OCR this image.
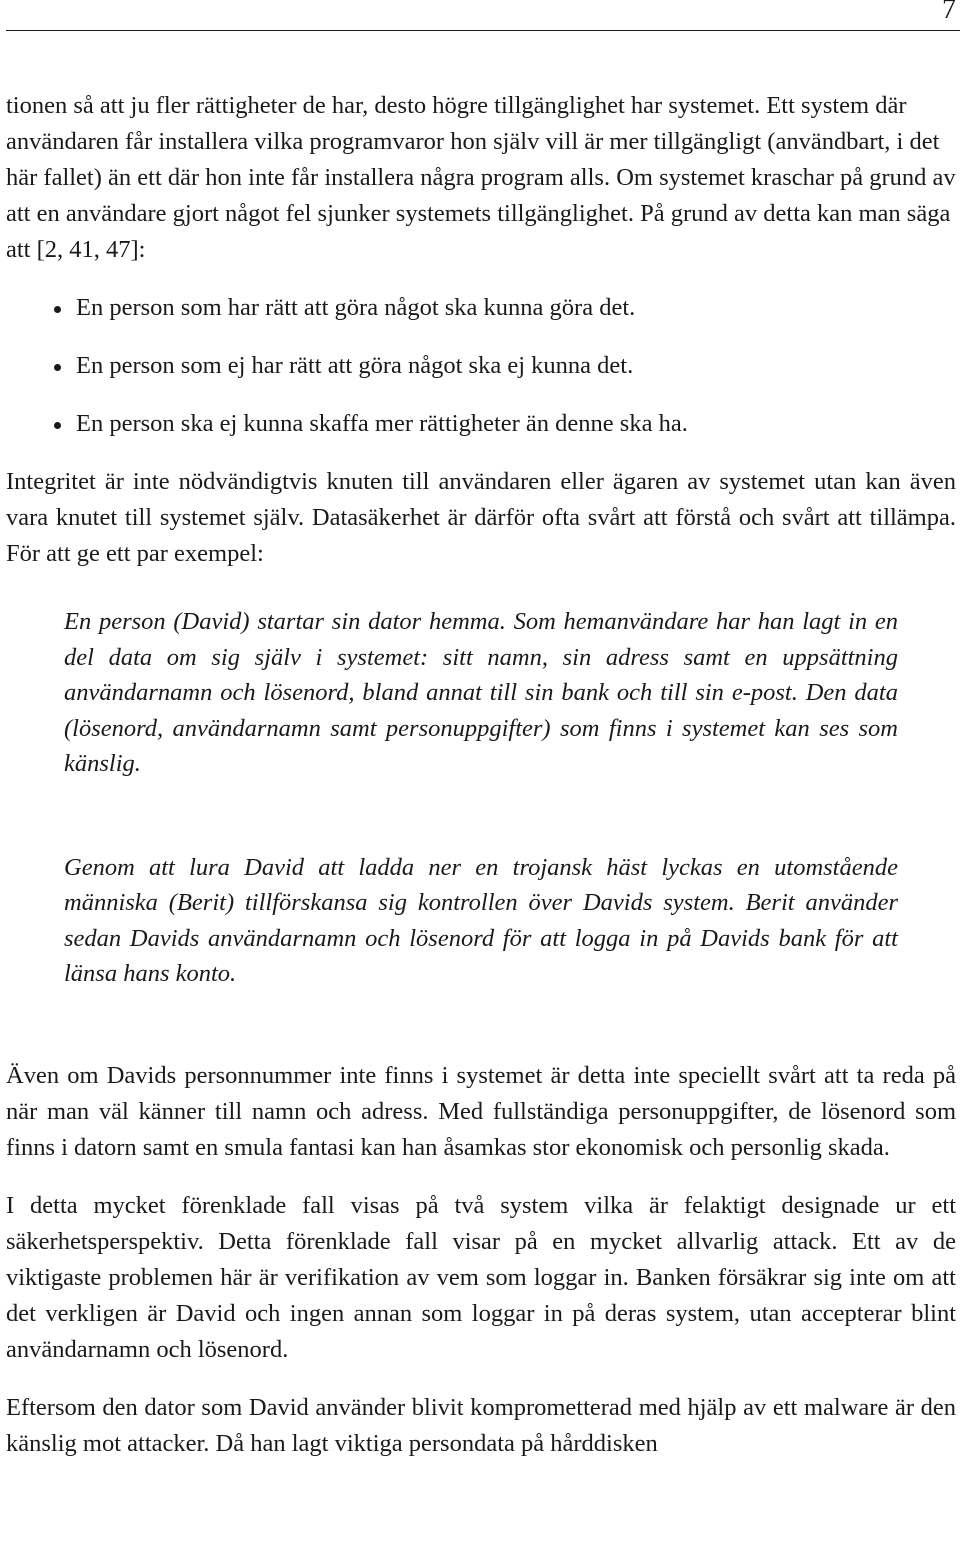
7

tionen så att ju fler rättigheter de har, desto högre tillgänglighet har systemet. Ett system där användaren får installera vilka programvaror hon själv vill är mer tillgängligt (användbart, i det här fallet) än ett där hon inte får installera några program alls. Om systemet kraschar på grund av att en användare gjort något fel sjunker systemets tillgänglighet. På grund av detta kan man säga att [2, 41, 47]:

En person som har rätt att göra något ska kunna göra det.
En person som ej har rätt att göra något ska ej kunna det.
En person ska ej kunna skaffa mer rättigheter än denne ska ha.

Integritet är inte nödvändigtvis knuten till användaren eller ägaren av systemet utan kan även vara knutet till systemet själv. Datasäkerhet är därför ofta svårt att förstå och svårt att tillämpa. För att ge ett par exempel:

En person (David) startar sin dator hemma. Som hemanvändare har han lagt in en del data om sig själv i systemet: sitt namn, sin adress samt en uppsättning användarnamn och lösenord, bland annat till sin bank och till sin e-post. Den data (lösenord, användarnamn samt personuppgifter) som finns i systemet kan ses som känslig.

Genom att lura David att ladda ner en trojansk häst lyckas en utomstående människa (Berit) tillförskansa sig kontrollen över Davids system. Berit använder sedan Davids användarnamn och lösenord för att logga in på Davids bank för att länsa hans konto.

Även om Davids personnummer inte finns i systemet är detta inte speciellt svårt att ta reda på när man väl känner till namn och adress. Med fullständiga personuppgifter, de lösenord som finns i datorn samt en smula fantasi kan han åsamkas stor ekonomisk och personlig skada.

I detta mycket förenklade fall visas på två system vilka är felaktigt designade ur ett säkerhetsperspektiv. Detta förenklade fall visar på en mycket allvarlig attack. Ett av de viktigaste problemen här är verifikation av vem som loggar in. Banken försäkrar sig inte om att det verkligen är David och ingen annan som loggar in på deras system, utan accepterar blint användarnamn och lösenord.

Eftersom den dator som David använder blivit komprometterad med hjälp av ett malware är den känslig mot attacker. Då han lagt viktiga persondata på hårddisken
